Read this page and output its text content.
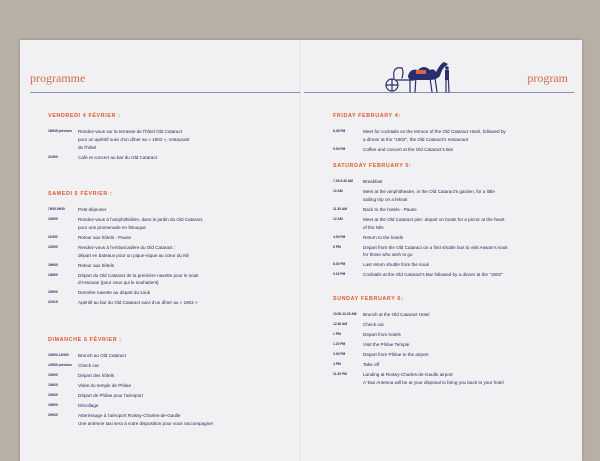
programme	program
VENDREDI 4 FÉVRIER :
18H45 précises	Rendez-vous sur la terrasse de l'hôtel Old Cataract
pour un apéritif suivi d'un dîner au « 1902 », restaurant
de l'hôtel
21H00	Café et concert au bar du Old Cataract
SAMEDI 5 FÉVRIER :
7H30-9H30	Petit déjeuner
10H00	Rendez-vous à l'amphithéâtre, dans le jardin du Old Cataract,
pour une promenade en felouque
11H30	Retour aux hôtels - Pause
12H00	Rendez-vous à l'embarcadère du Old Cataract :
départ en bateaux pour un pique-nique au cœur du Nil
16H30	Retour aux hôtels
18H00	Départ du Old Cataract de la première navette pour le souk
d'Assouan (pour ceux qui le souhaitent)
20H00	Dernière navette au départ du souk
21H15	Apéritif au bar du Old Cataract suivi d'un dîner au « 1902 »
DIMANCHE 6 FÉVRIER :
10H00-12H30	Brunch au Old Cataract
12H30 précises	Check out
13H00	Départ des hôtels
13H20	Visite du temple de Philae
15H30	Départ de Philae pour l'aéroport
16H00	Décollage
20H30	Atterrissage à l'aéroport Roissy-Charles-de-Gaulle
Une antenne taxi sera à votre disposition pour vous raccompagner
FRIDAY FEBRUARY 4:
6.45 PM	Meet for cocktails on the terrace of the Old Cataract Hotel, followed by
a dinner at the "1902", the Old Cataract's restaurant
9.00 PM	Coffee and concert at the Old Cataract's Bar
SATURDAY FEBRUARY 5:
7.30-9.30 AM	Breakfast
10 AM	Meet at the amphitheatre, in the Old Cataract's garden, for a little
sailing trip on a felouk
11.30 AM	Back to the hotels - Pause
12 AM	Meet at the Old Cataract pier: depart on boats for a picnic at the heart
of the Nile
4.30 PM	Return to the hotels
6 PM	Depart from the Old Cataract on a first shuttle bus to visit Aswan's souk
for those who wish to go
8.00 PM	Last return shuttle from the souk
9.15 PM	Cocktails at the Old Cataract's Bar followed by a dinner at the "1902"
SUNDAY FEBRUARY 6:
10.00-12.30 AM	Brunch at the Old Cataract Hotel
12.30 AM	Check out
1 PM	Depart from hotels
1.20 PM	Visit the Philae Temple
3.30 PM	Depart from Philae to the airport
4 PM	Take off
11.30 PM	Landing at Roissy-Charles-de-Gaulle airport
A Taxi Antenna will be at your disposal to bring you back to your hotel
